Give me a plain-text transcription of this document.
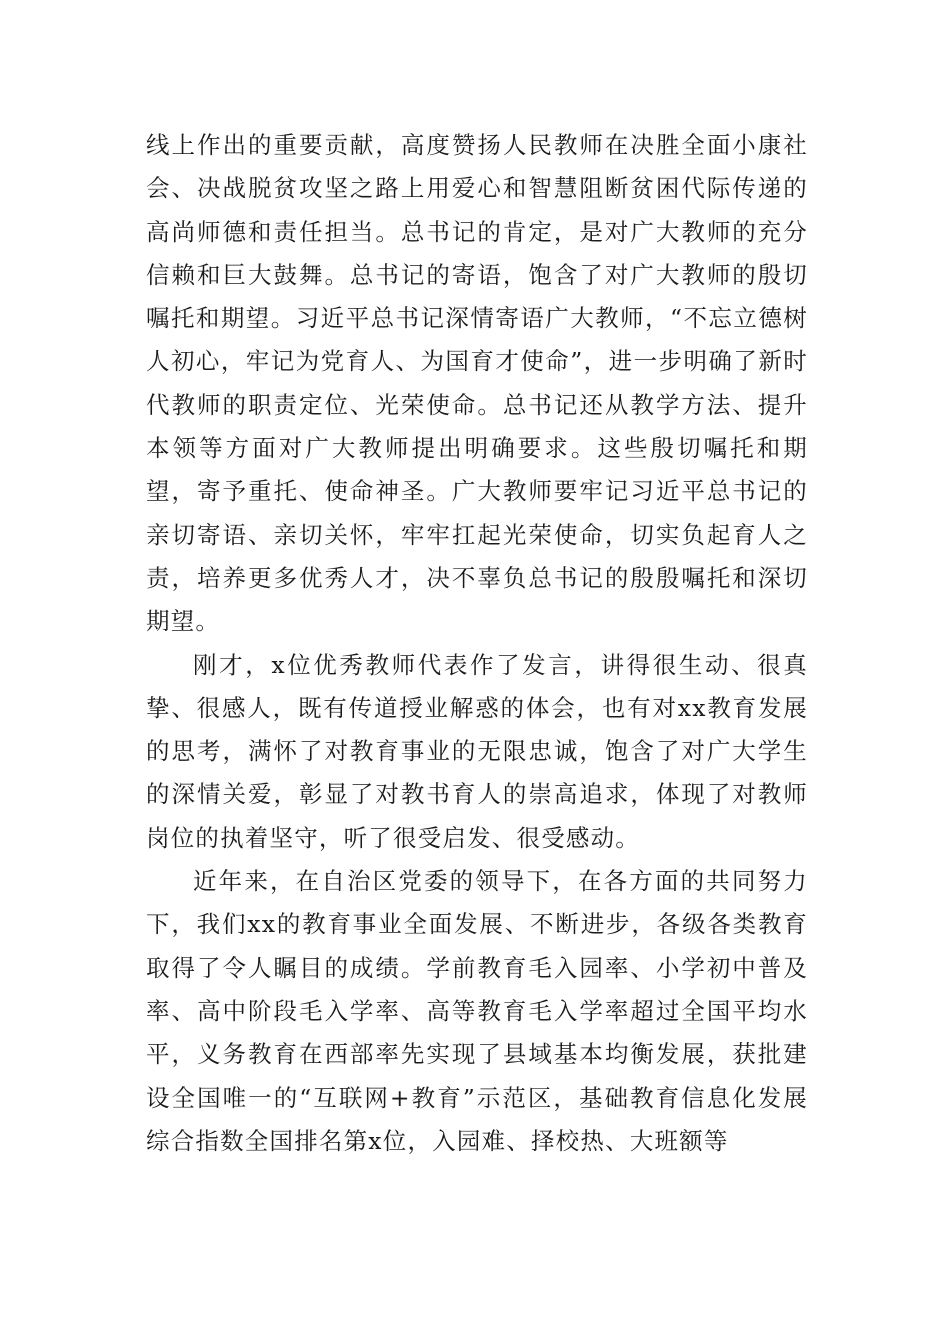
线上作出的重要贡献，高度赞扬人民教师在决胜全面小康社会、决战脱贫攻坚之路上用爱心和智慧阻断贫困代际传递的高尚师德和责任担当。总书记的肯定，是对广大教师的充分信赖和巨大鼓舞。总书记的寄语，饱含了对广大教师的殷切嘱托和期望。习近平总书记深情寄语广大教师，“不忘立德树人初心，牢记为党育人、为国育才使命”，进一步明确了新时代教师的职责定位、光荣使命。总书记还从教学方法、提升本领等方面对广大教师提出明确要求。这些殷切嘱托和期望，寄予重托、使命神圣。广大教师要牢记习近平总书记的亲切寄语、亲切关怀，牢牢扛起光荣使命，切实负起育人之责，培养更多优秀人才，决不辜负总书记的殷殷嘱托和深切期望。

刚才，x位优秀教师代表作了发言，讲得很生动、很真挚、很感人，既有传道授业解惑的体会，也有对xx教育发展的思考，满怀了对教育事业的无限忠诚，饱含了对广大学生的深情关爱，彰显了对教书育人的崇高追求，体现了对教师岗位的执着坚守，听了很受启发、很受感动。

近年来，在自治区党委的领导下，在各方面的共同努力下，我们xx的教育事业全面发展、不断进步，各级各类教育取得了令人瞩目的成绩。学前教育毛入园率、小学初中普及率、高中阶段毛入学率、高等教育毛入学率超过全国平均水平，义务教育在西部率先实现了县域基本均衡发展，获批建设全国唯一的“互联网+教育”示范区，基础教育信息化发展综合指数全国排名第x位，入园难、择校热、大班额等
